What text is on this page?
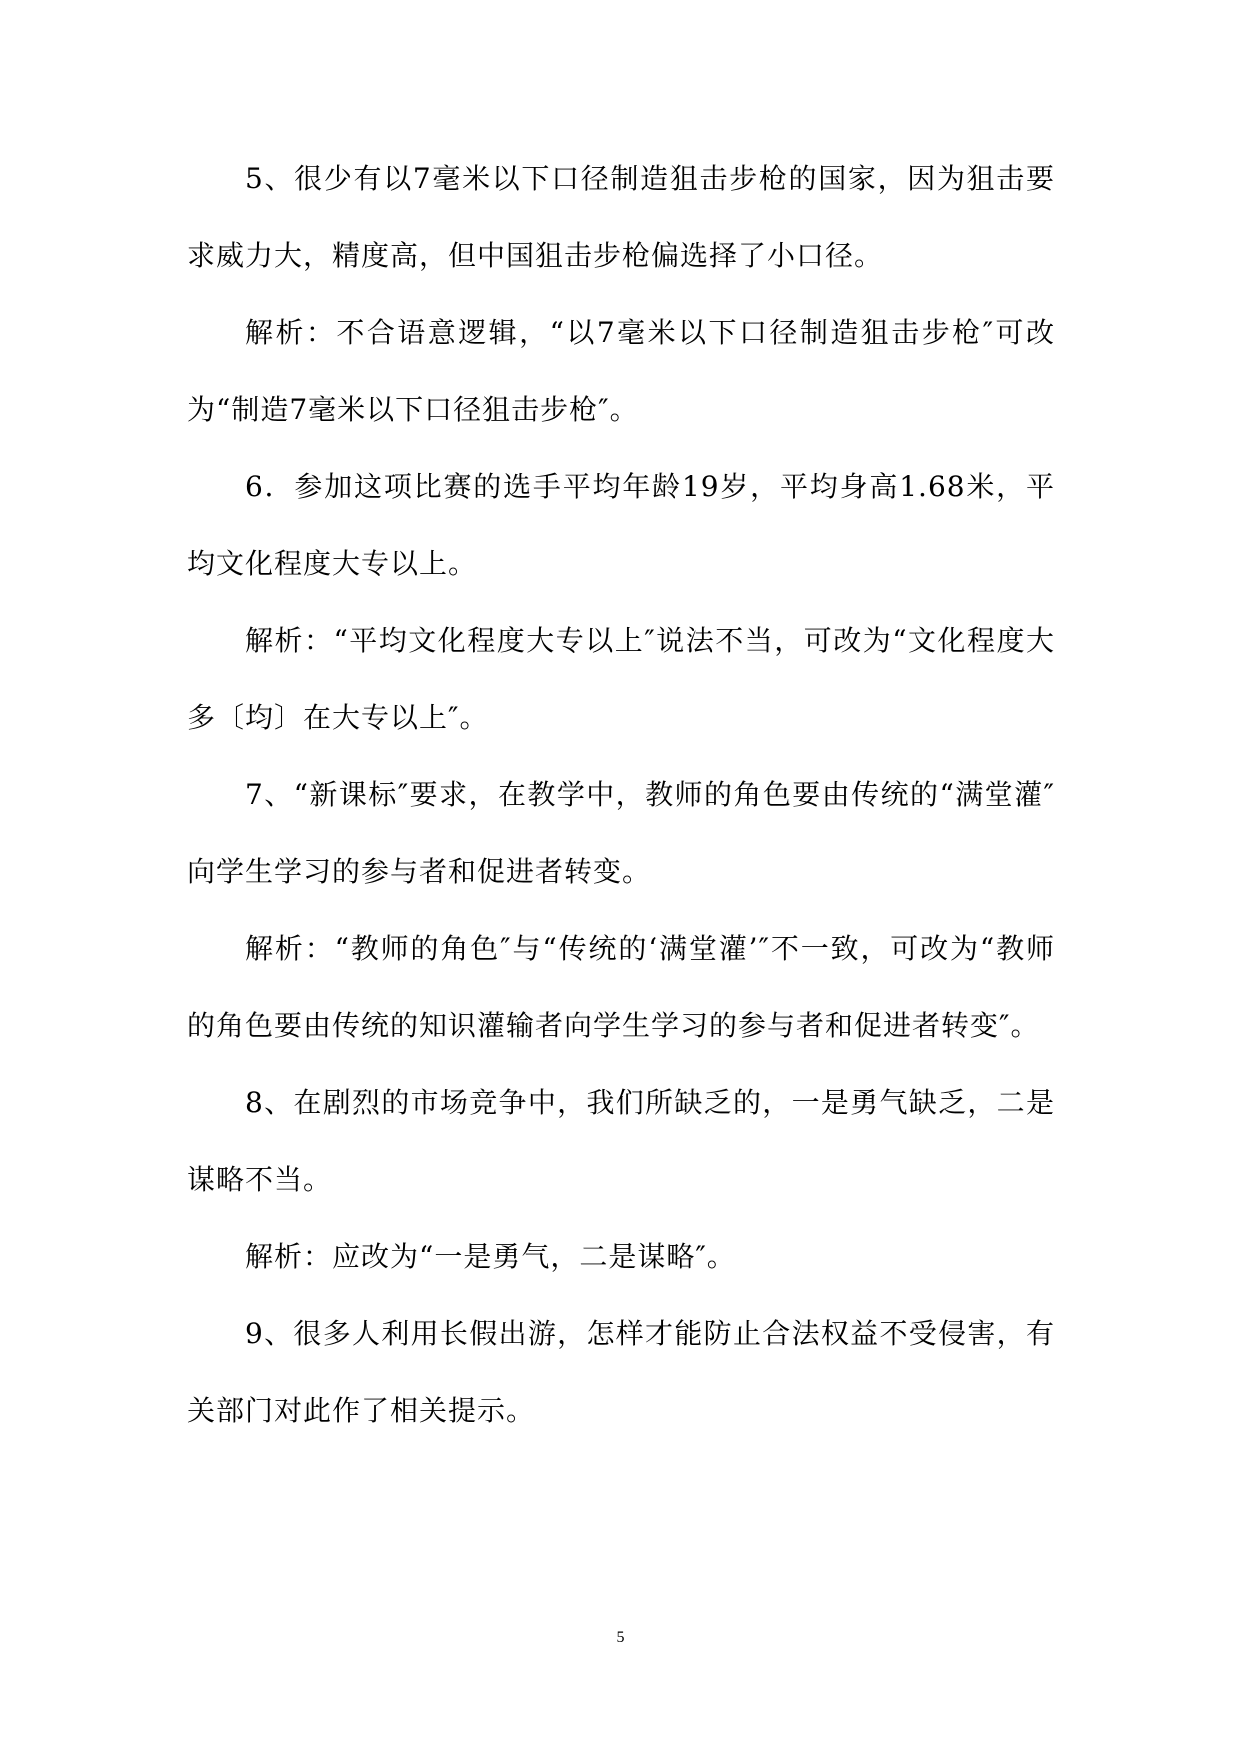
5、很少有以7毫米以下口径制造狙击步枪的国家，因为狙击要求威力大，精度高，但中国狙击步枪偏选择了小口径。

解析：不合语意逻辑，“以7毫米以下口径制造狙击步枪″可改为“制造7毫米以下口径狙击步枪″。

6．参加这项比赛的选手平均年龄19岁，平均身高1.68米，平均文化程度大专以上。

解析：“平均文化程度大专以上″说法不当，可改为“文化程度大多〔均〕在大专以上″。

7、“新课标″要求，在教学中，教师的角色要由传统的“满堂灌″向学生学习的参与者和促进者转变。

解析：“教师的角色″与“传统的‘满堂灌’″不一致，可改为“教师的角色要由传统的知识灌输者向学生学习的参与者和促进者转变″。

8、在剧烈的市场竞争中，我们所缺乏的，一是勇气缺乏，二是谋略不当。

解析：应改为“一是勇气，二是谋略″。

9、很多人利用长假出游，怎样才能防止合法权益不受侵害，有关部门对此作了相关提示。

5
